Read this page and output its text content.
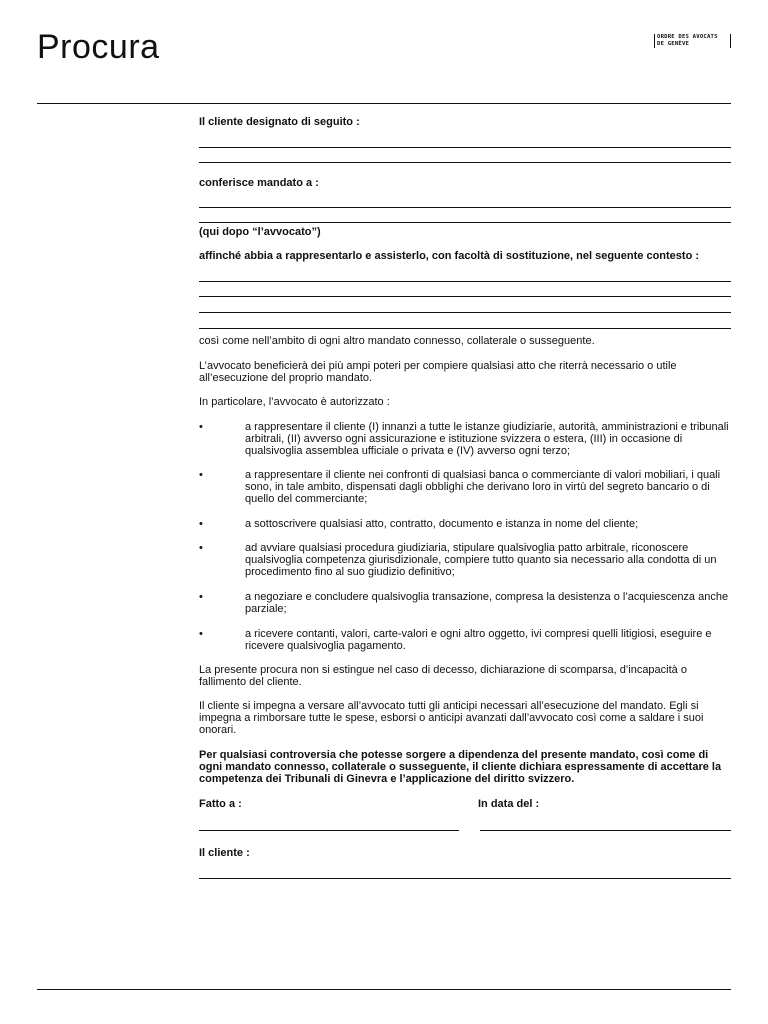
Procura	ORDRE DES AVOCATS
DE GENÈVE
Il cliente designato di seguito :
conferisce mandato a :
(qui dopo “l’avvocato”)
affinché abbia a rappresentarlo e assisterlo, con facoltà di sostituzione, nel seguente contesto :
così come nell’ambito di ogni altro mandato connesso, collaterale o susseguente.
L’avvocato beneficierà dei più ampi poteri per compiere qualsiasi atto che riterrà necessario o utile all’esecuzione del proprio mandato.
In particolare, l’avvocato è autorizzato :
•	a rappresentare il cliente (I) innanzi a tutte le istanze giudiziarie, autorità, amministrazioni e tribunali arbitrali, (II) avverso ogni assicurazione e istituzione svizzera o estera, (III) in occasione di qualsivoglia assemblea ufficiale o privata e (IV) avverso ogni terzo;
•	a rappresentare il cliente nei confronti di qualsiasi banca o commerciante di valori mobiliari, i quali sono, in tale ambito, dispensati dagli obblighi che derivano loro in virtù del segreto bancario o di quello del commerciante;
•	a sottoscrivere qualsiasi atto, contratto, documento e istanza in nome del cliente;
•	ad avviare qualsiasi procedura giudiziaria, stipulare qualsivoglia patto arbitrale, riconoscere qualsivoglia competenza giurisdizionale, compiere tutto quanto sia necessario alla condotta di un procedimento fino al suo giudizio definitivo;
•	a negoziare e concludere qualsivoglia transazione, compresa la desistenza o l’acquiescenza anche parziale;
•	a ricevere contanti, valori, carte-valori e ogni altro oggetto, ivi compresi quelli litigiosi, eseguire e ricevere qualsivoglia pagamento.
La presente procura non si estingue nel caso di decesso, dichiarazione di scomparsa, d’incapacità o fallimento del cliente.
Il cliente si impegna a versare all’avvocato tutti gli anticipi necessari all’esecuzione del mandato. Egli si impegna a rimborsare tutte le spese, esborsi o anticipi avanzati dall’avvocato così come a saldare i suoi onorari.
Per qualsiasi controversia che potesse sorgere a dipendenza del presente mandato, così come di ogni mandato connesso, collaterale o susseguente, il cliente dichiara espressamente di accettare la competenza dei Tribunali di Ginevra e l’applicazione del diritto svizzero.
Fatto a :	In data del :
Il cliente :
